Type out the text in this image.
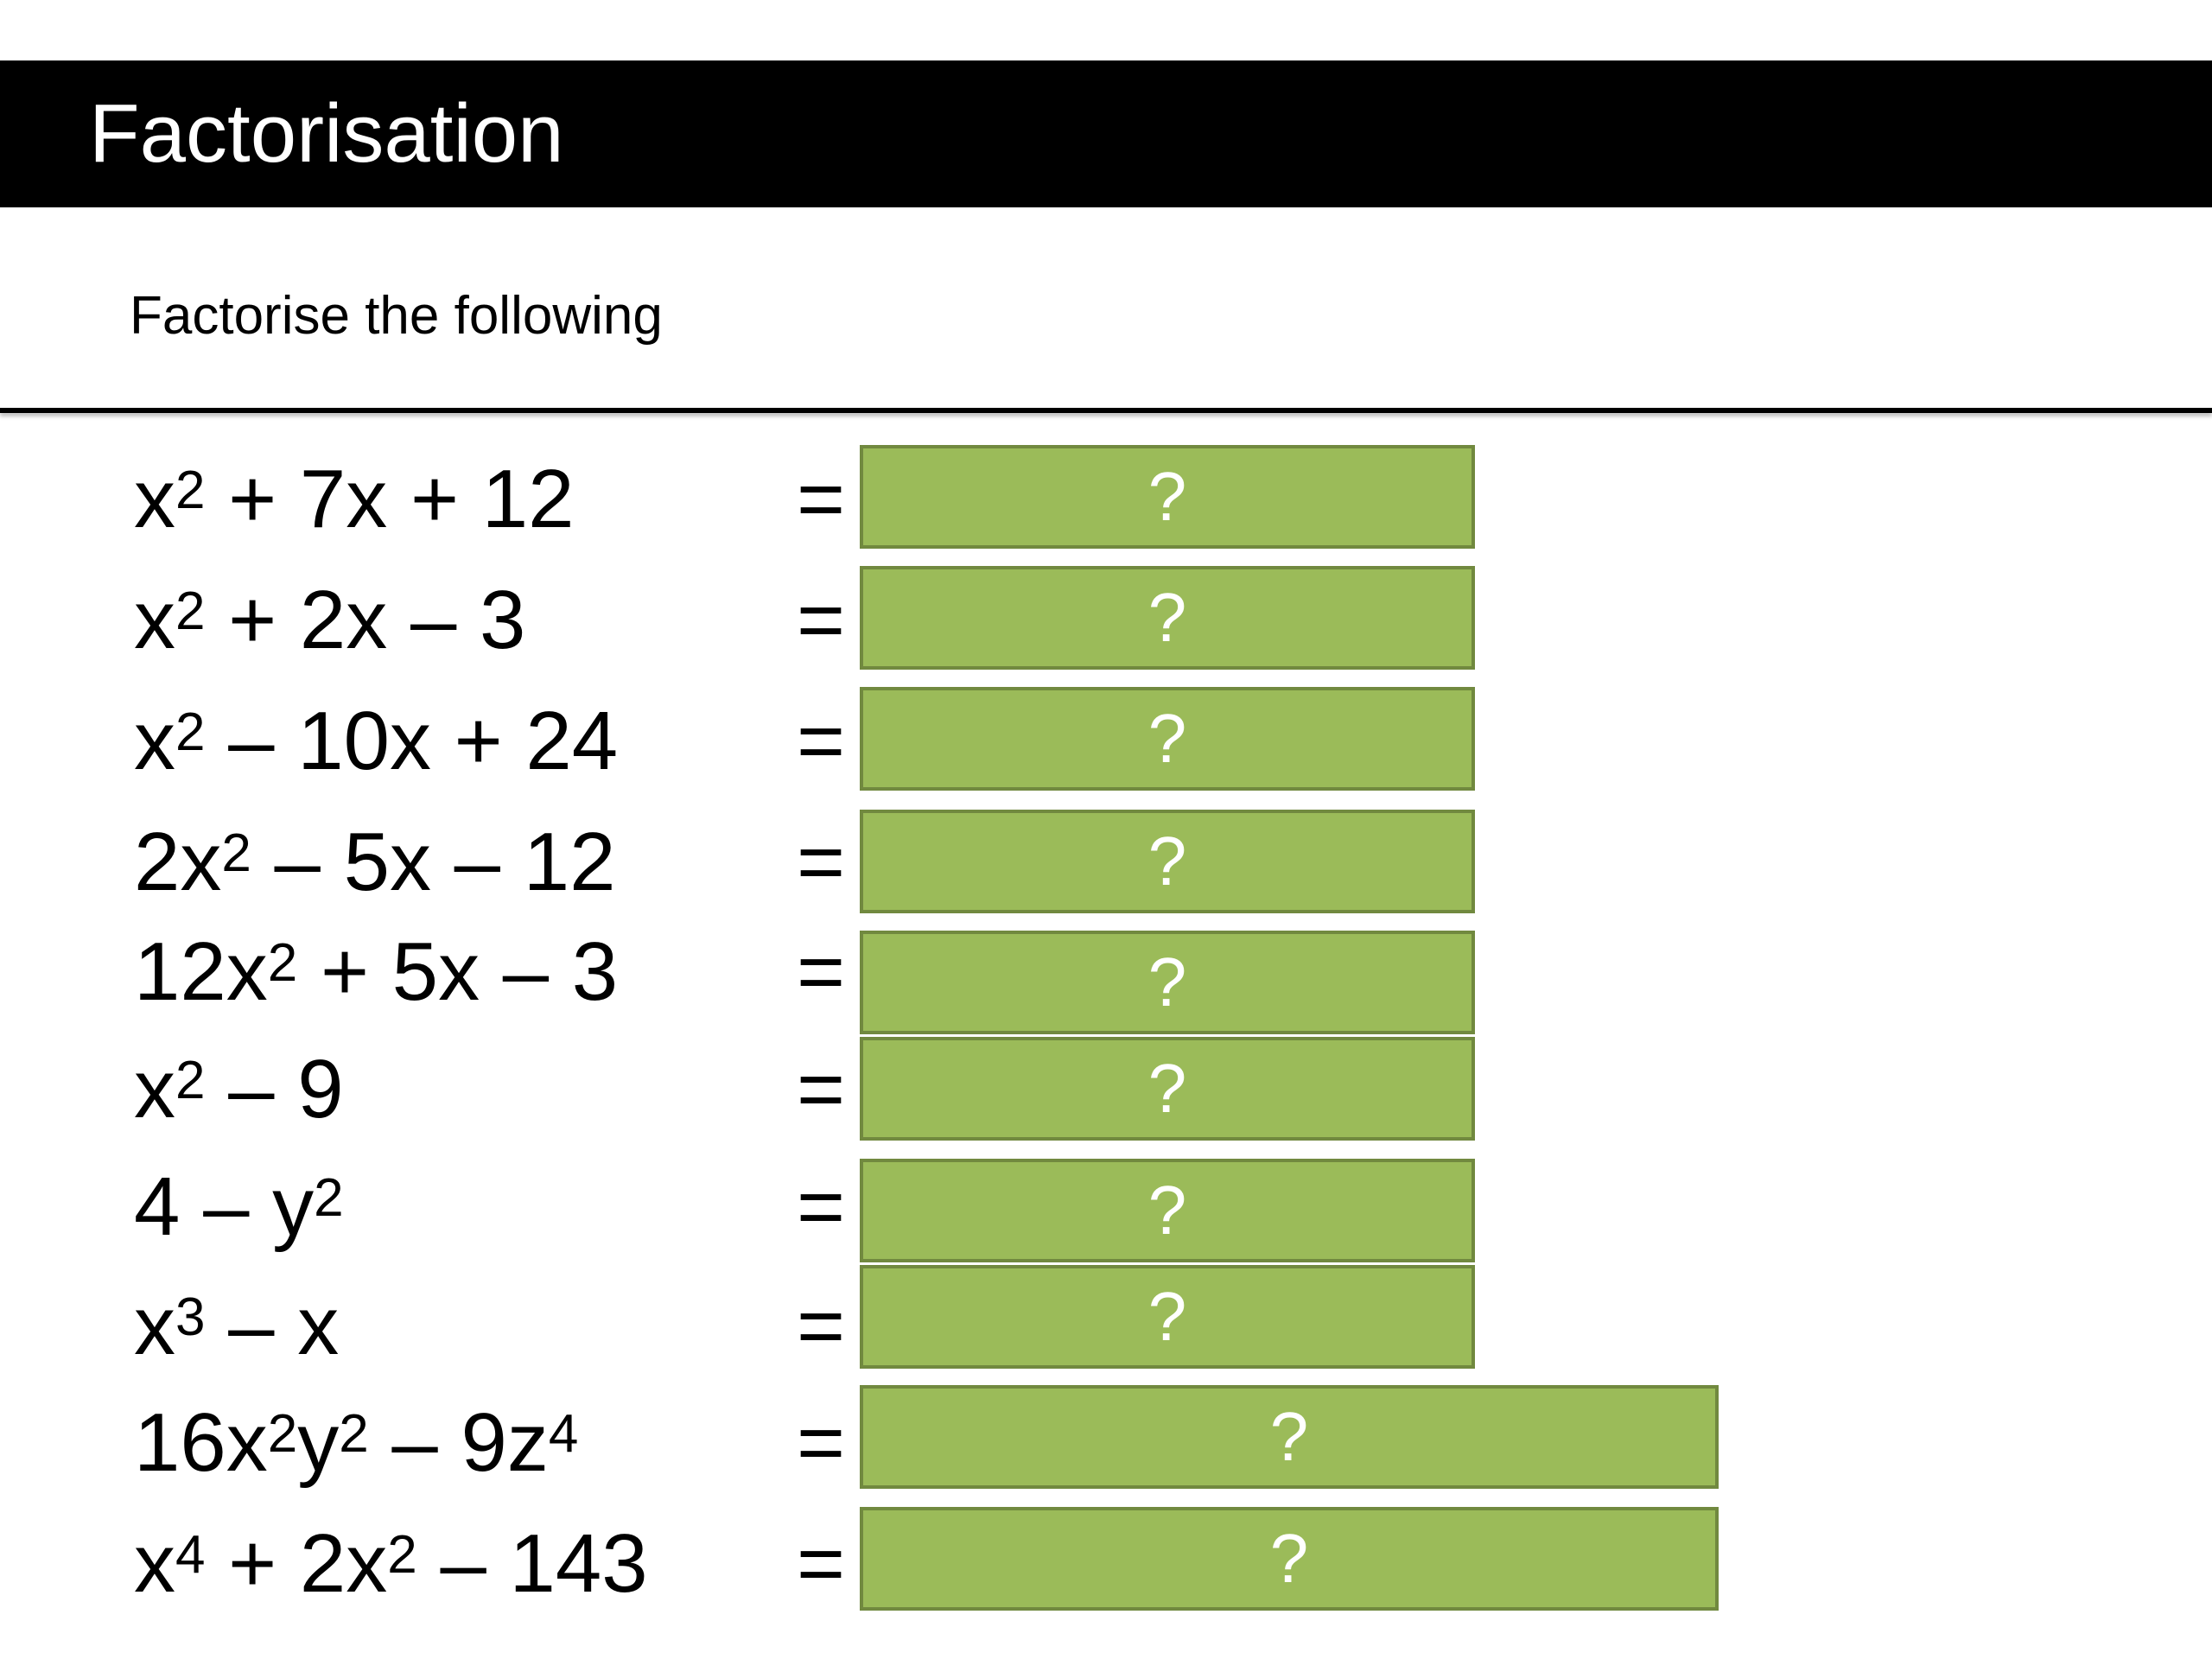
Factorisation
Factorise the following
$x^2 + 7x + 12$	=	?
$x^2 + 2x - 3$	=	?
$x^2 - 10x + 24$ =	?
$2x^2 - 5x - 12$ =	?
$12x^2 + 5x - 3$ =	?
$x^2 - 9$	=	?
$4 - y^2$	=	?
$x^3$ – x	=	?
$16x^2y^2 - 9z^4$	=	?
$x^4 + 2x^2 - 143$ =	?
